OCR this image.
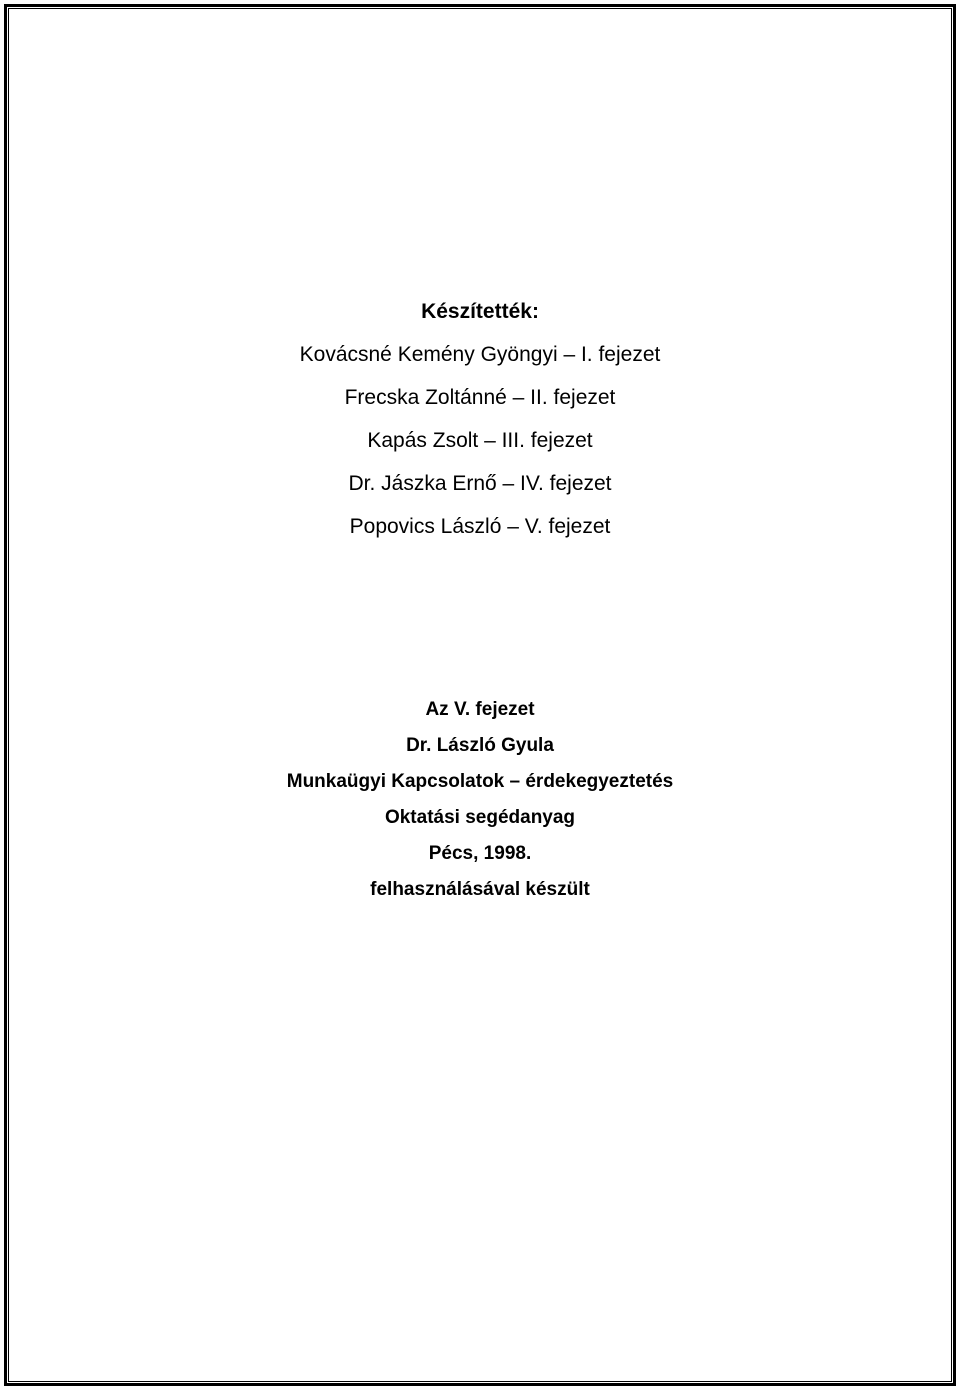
Készítették:
Kovácsné Kemény Gyöngyi – I. fejezet
Frecska Zoltánné – II. fejezet
Kapás Zsolt – III. fejezet
Dr. Jászka Ernő – IV. fejezet
Popovics László – V. fejezet
Az V. fejezet
Dr. László Gyula
Munkaügyi Kapcsolatok – érdekegyeztetés
Oktatási segédanyag
Pécs, 1998.
felhasználásával készült
